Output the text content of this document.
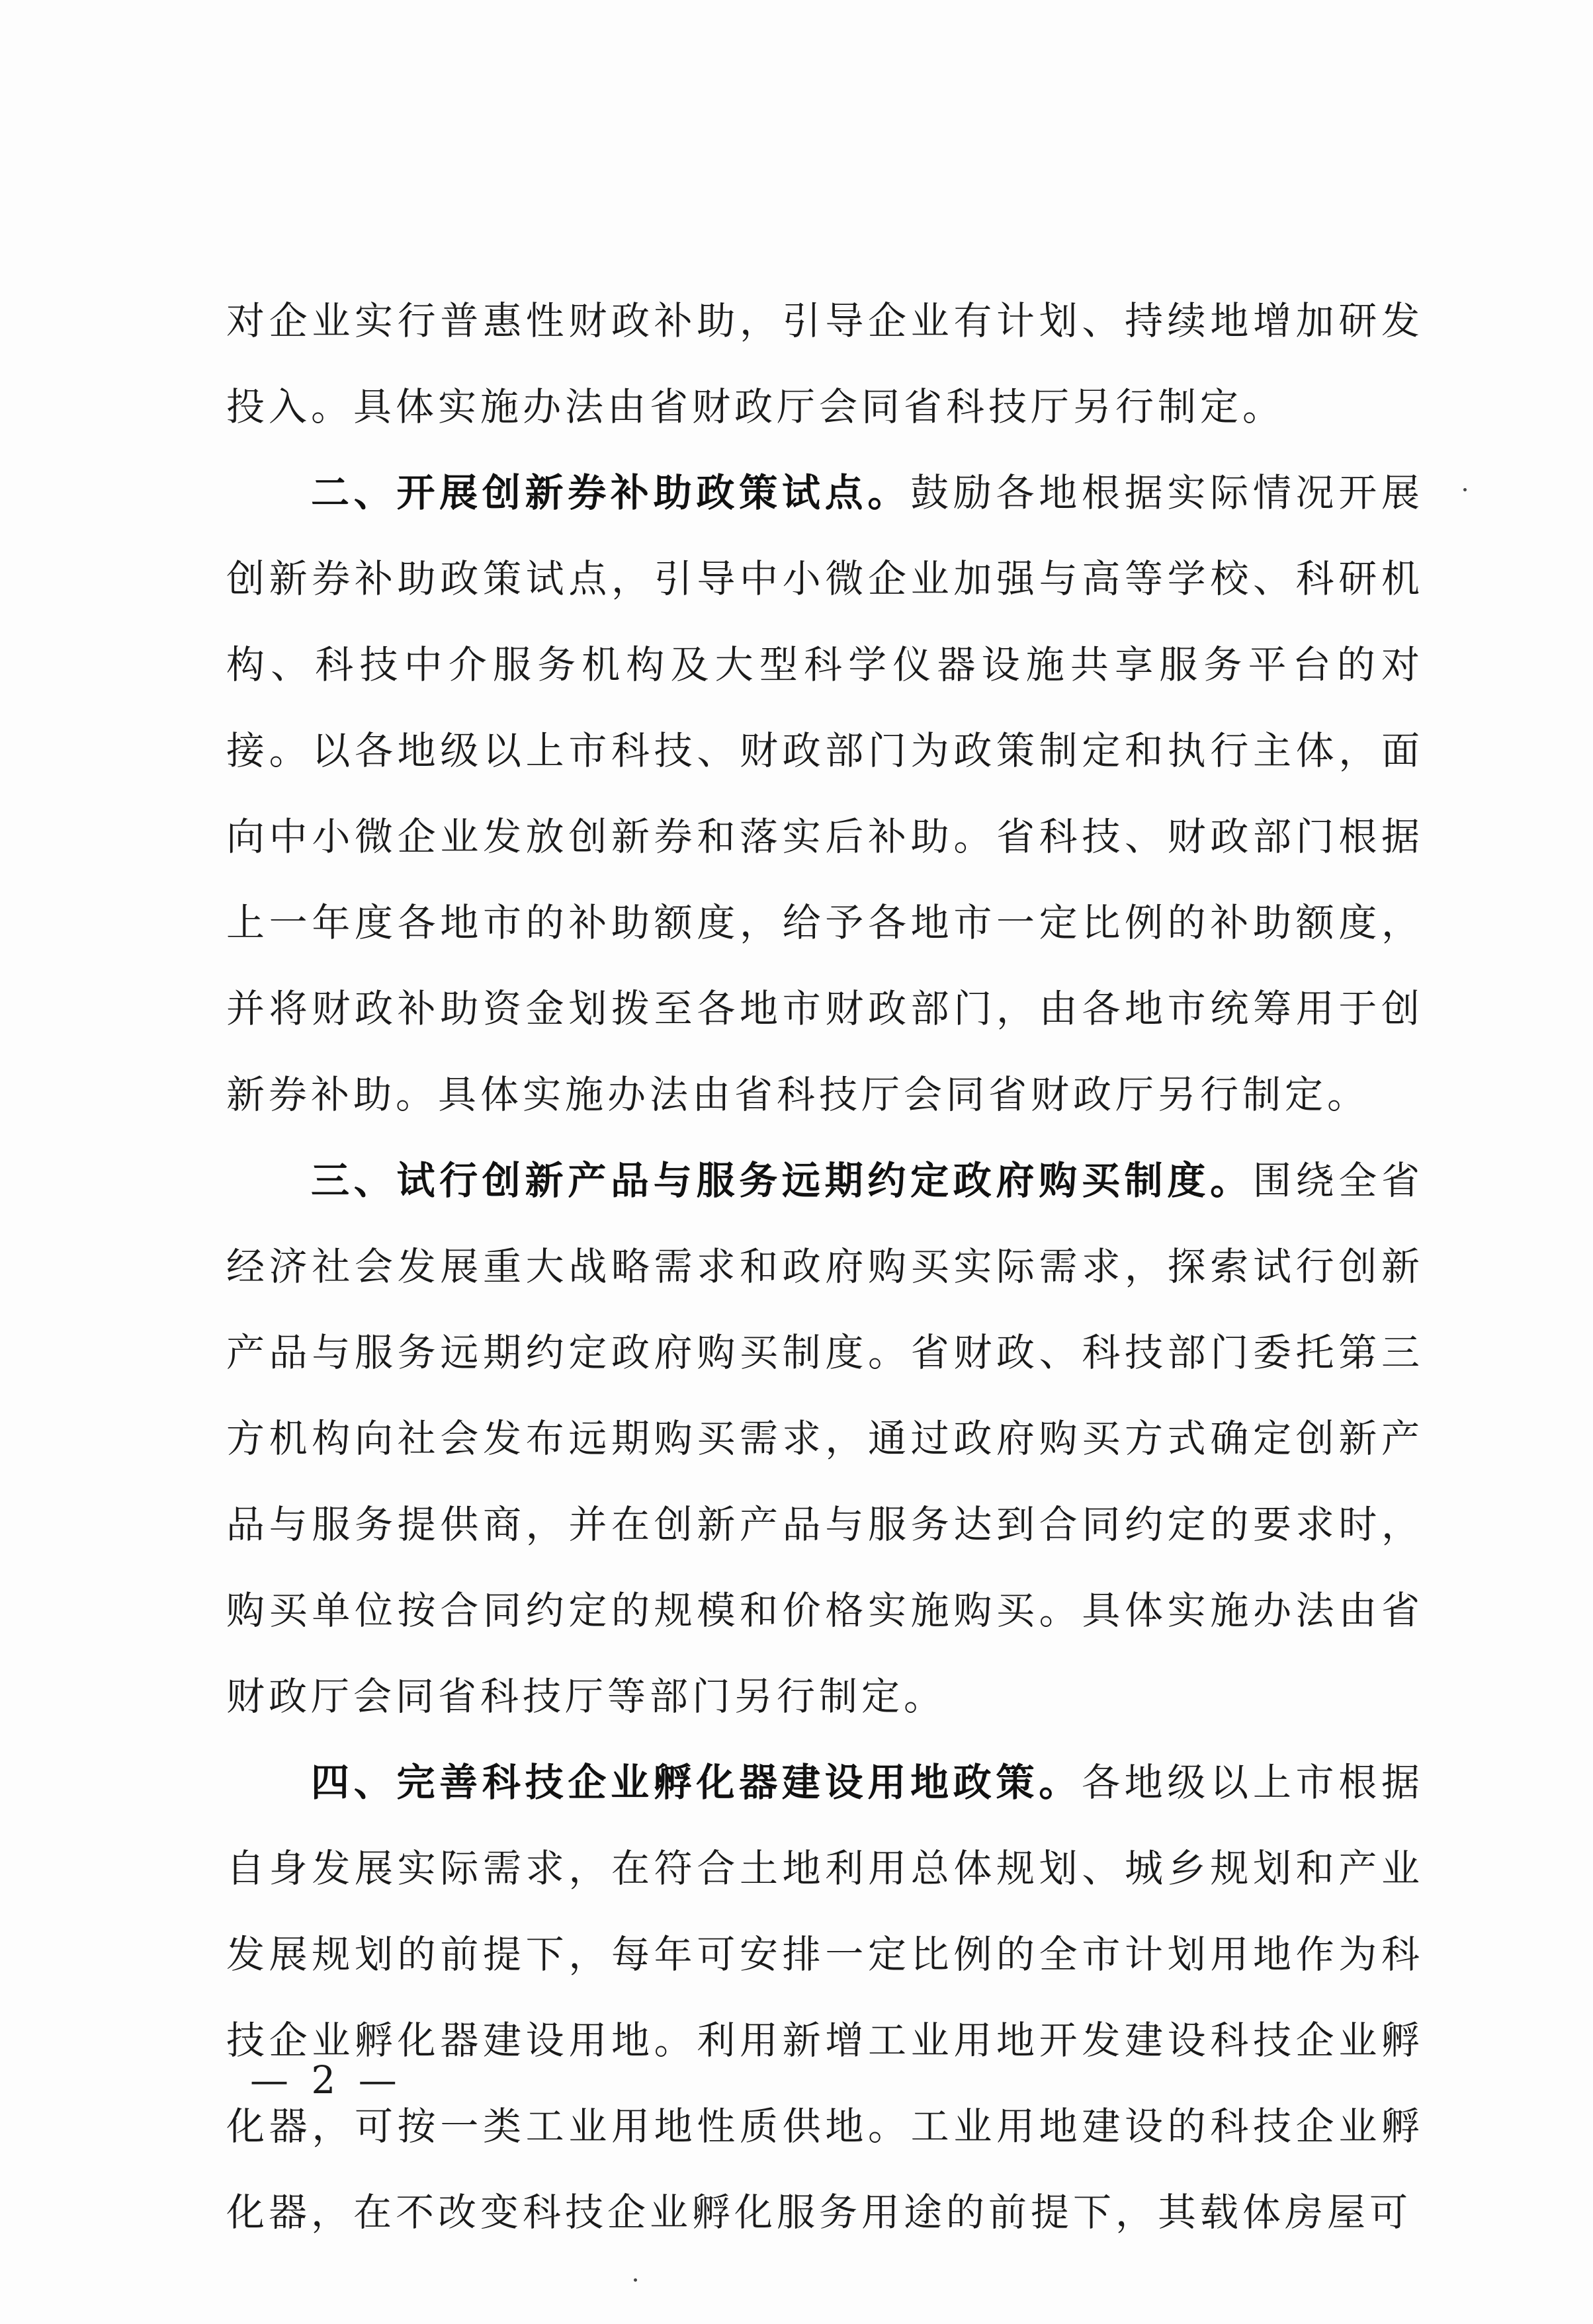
对企业实行普惠性财政补助，引导企业有计划、持续地增加研发投入。具体实施办法由省财政厅会同省科技厅另行制定。

二、开展创新券补助政策试点。鼓励各地根据实际情况开展创新券补助政策试点，引导中小微企业加强与高等学校、科研机构、科技中介服务机构及大型科学仪器设施共享服务平台的对接。以各地级以上市科技、财政部门为政策制定和执行主体，面向中小微企业发放创新券和落实后补助。省科技、财政部门根据上一年度各地市的补助额度，给予各地市一定比例的补助额度，并将财政补助资金划拨至各地市财政部门，由各地市统筹用于创新券补助。具体实施办法由省科技厅会同省财政厅另行制定。

三、试行创新产品与服务远期约定政府购买制度。围绕全省经济社会发展重大战略需求和政府购买实际需求，探索试行创新产品与服务远期约定政府购买制度。省财政、科技部门委托第三方机构向社会发布远期购买需求，通过政府购买方式确定创新产品与服务提供商，并在创新产品与服务达到合同约定的要求时，购买单位按合同约定的规模和价格实施购买。具体实施办法由省财政厅会同省科技厅等部门另行制定。

四、完善科技企业孵化器建设用地政策。各地级以上市根据自身发展实际需求，在符合土地利用总体规划、城乡规划和产业发展规划的前提下，每年可安排一定比例的全市计划用地作为科技企业孵化器建设用地。利用新增工业用地开发建设科技企业孵化器，可按一类工业用地性质供地。工业用地建设的科技企业孵化器，在不改变科技企业孵化服务用途的前提下，其载体房屋可

— 2 —
